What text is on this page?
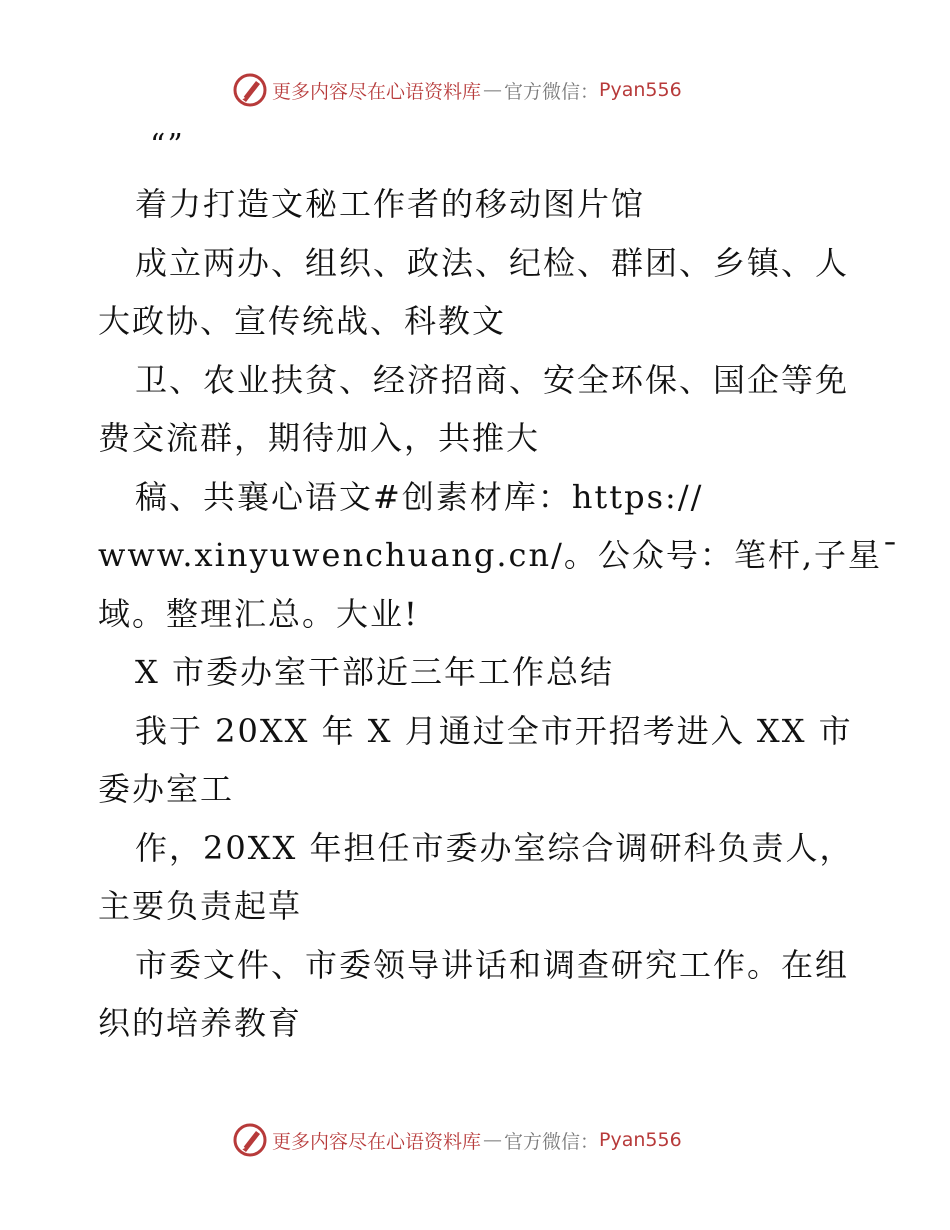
更多内容尽在心语资料库 — 官方微信： Pyan556
“”
着力打造文秘工作者的移动图片馆
成立两办、组织、政法、纪检、群团、乡镇、人
大政协、宣传统战、科教文
卫、农业扶贫、经济招商、安全环保、国企等免
费交流群，期待加入，共推大
稿、共襄心语文#创素材库：https://
www.xinyuwenchuang.cn/。公众号：笔杆,子星¯
域。整理汇总。大业!
X 市委办室干部近三年工作总结
我于 20XX 年 X 月通过全市开招考进入 XX 市
委办室工
作，20XX 年担任市委办室综合调研科负责人，
主要负责起草
市委文件、市委领导讲话和调查研究工作。在组
织的培养教育
更多内容尽在心语资料库 — 官方微信： Pyan556
